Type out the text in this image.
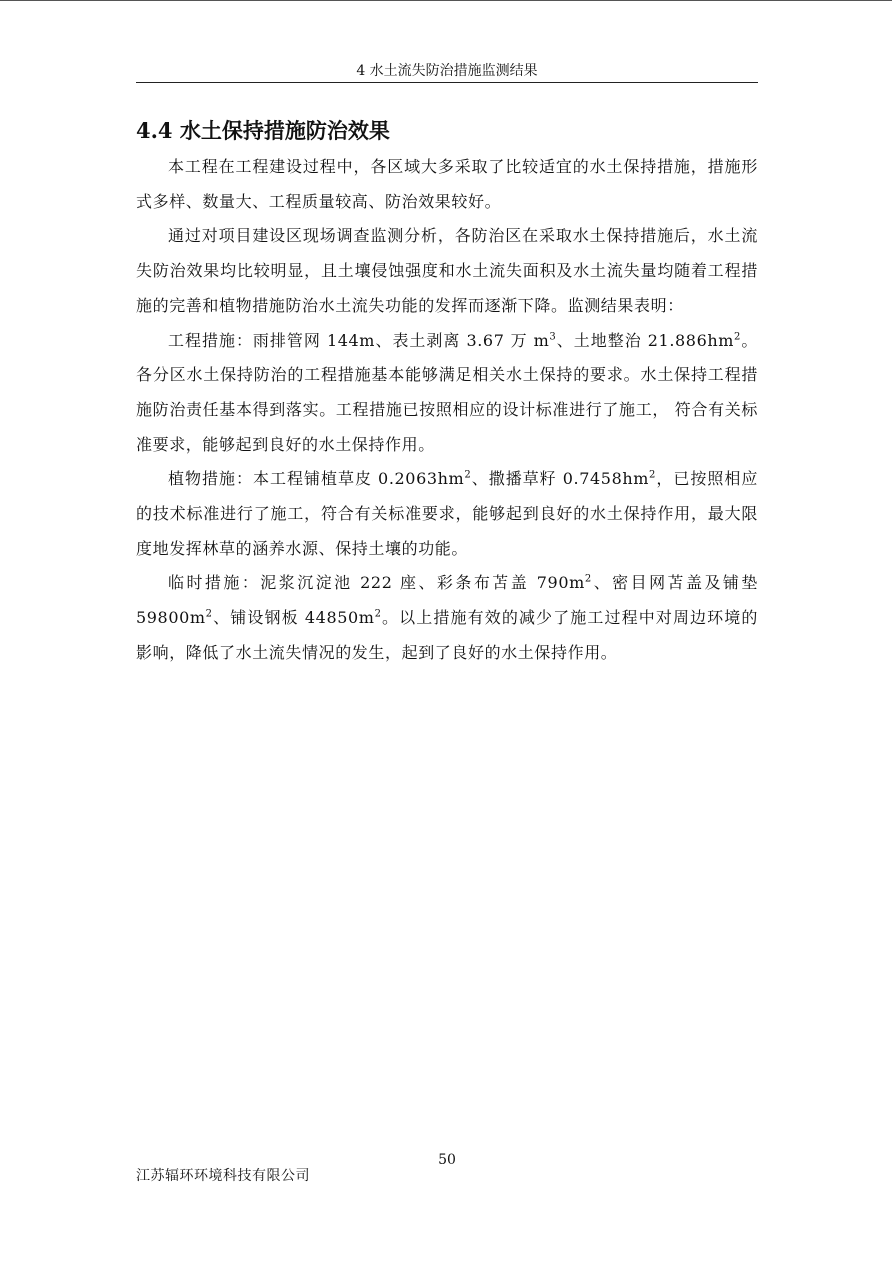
4 水土流失防治措施监测结果
4.4 水土保持措施防治效果

本工程在工程建设过程中，各区域大多采取了比较适宜的水土保持措施，措施形式多样、数量大、工程质量较高、防治效果较好。

通过对项目建设区现场调查监测分析，各防治区在采取水土保持措施后，水土流失防治效果均比较明显，且土壤侵蚀强度和水土流失面积及水土流失量均随着工程措施的完善和植物措施防治水土流失功能的发挥而逐渐下降。监测结果表明：

工程措施：雨排管网 144m、表土剥离 3.67 万 $m^3$、土地整治 $21.886hm^2$。各分区水土保持防治的工程措施基本能够满足相关水土保持的要求。水土保持工程措施防治责任基本得到落实。工程措施已按照相应的设计标准进行了施工， 符合有关标准要求，能够起到良好的水土保持作用。

植物措施：本工程铺植草皮 $0.2063hm^2$、撒播草籽 $0.7458hm^2$，已按照相应的技术标准进行了施工，符合有关标准要求，能够起到良好的水土保持作用，最大限度地发挥林草的涵养水源、保持土壤的功能。

临时措施：泥浆沉淀池 222 座、彩条布苫盖 $790m^2$、密目网苫盖及铺垫 $59800m^2$、铺设钢板 $44850m^2$。以上措施有效的减少了施工过程中对周边环境的影响，降低了水土流失情况的发生，起到了良好的水土保持作用。

50
江苏辐环环境科技有限公司
